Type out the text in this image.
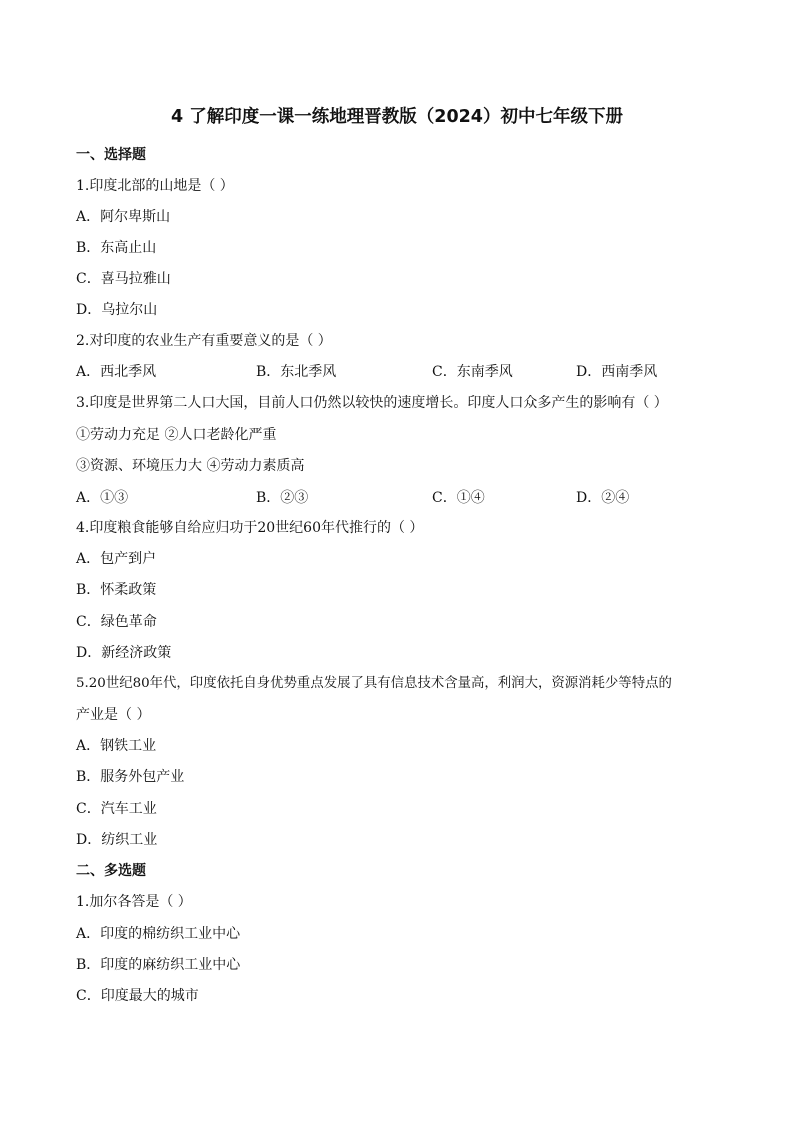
4 了解印度一课一练地理晋教版（2024）初中七年级下册
一、选择题
1.印度北部的山地是（ ）
A．阿尔卑斯山
B．东高止山
C．喜马拉雅山
D．乌拉尔山
2.对印度的农业生产有重要意义的是（ ）
A．西北季风	B．东北季风	C．东南季风	D．西南季风
3.印度是世界第二人口大国，目前人口仍然以较快的速度增长。印度人口众多产生的影响有（ ）
①劳动力充足 ②人口老龄化严重
③资源、环境压力大 ④劳动力素质高
A．①③	B．②③	C．①④	D．②④
4.印度粮食能够自给应归功于20世纪60年代推行的（ ）
A．包产到户
B．怀柔政策
C．绿色革命
D．新经济政策
5.20世纪80年代，印度依托自身优势重点发展了具有信息技术含量高，利润大，资源消耗少等特点的
产业是（ ）
A．钢铁工业
B．服务外包产业
C．汽车工业
D．纺织工业
二、多选题
1.加尔各答是（ ）
A．印度的棉纺织工业中心
B．印度的麻纺织工业中心
C．印度最大的城市
